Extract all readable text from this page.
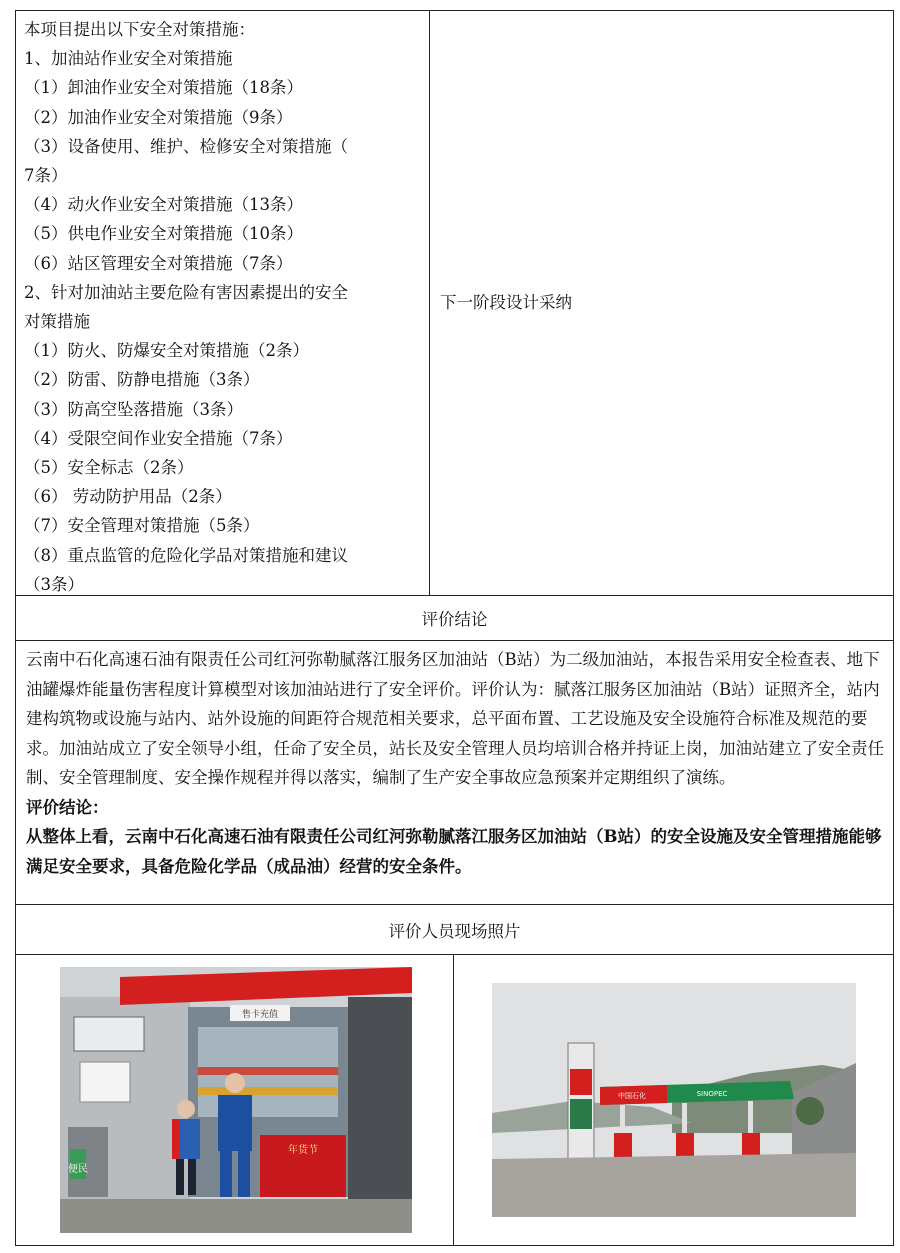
本项目提出以下安全对策措施：
1、加油站作业安全对策措施
（1）卸油作业安全对策措施（18条）
（2）加油作业安全对策措施（9条）
（3）设备使用、维护、检修安全对策措施（
7条）
（4）动火作业安全对策措施（13条）
（5）供电作业安全对策措施（10条）
（6）站区管理安全对策措施（7条）
2、针对加油站主要危险有害因素提出的安全
对策措施
（1）防火、防爆安全对策措施（2条）
（2）防雷、防静电措施（3条）
（3）防高空坠落措施（3条）
（4）受限空间作业安全措施（7条）
（5）安全标志（2条）
（6） 劳动防护用品（2条）
（7）安全管理对策措施（5条）
（8）重点监管的危险化学品对策措施和建议
（3条）
下一阶段设计采纳
评价结论

云南中石化高速石油有限责任公司红河弥勒腻落江服务区加油站（B站）为二级加油站，本报告采用安全检查表、地下油罐爆炸能量伤害程度计算模型对该加油站进行了安全评价。评价认为：腻落江服务区加油站（B站）证照齐全，站内建构筑物或设施与站内、站外设施的间距符合规范相关要求，总平面布置、工艺设施及安全设施符合标准及规范的要求。加油站成立了安全领导小组，任命了安全员，站长及安全管理人员均培训合格并持证上岗，加油站建立了安全责任制、安全管理制度、安全操作规程并得以落实，编制了生产安全事故应急预案并定期组织了演练。

评价结论：

从整体上看，云南中石化高速石油有限责任公司红河弥勒腻落江服务区加油站（B站）的安全设施及安全管理措施能够满足安全要求，具备危险化学品（成品油）经营的安全条件。

评价人员现场照片
售卡充值
便民
年货节
中国石化	SINOPEC
